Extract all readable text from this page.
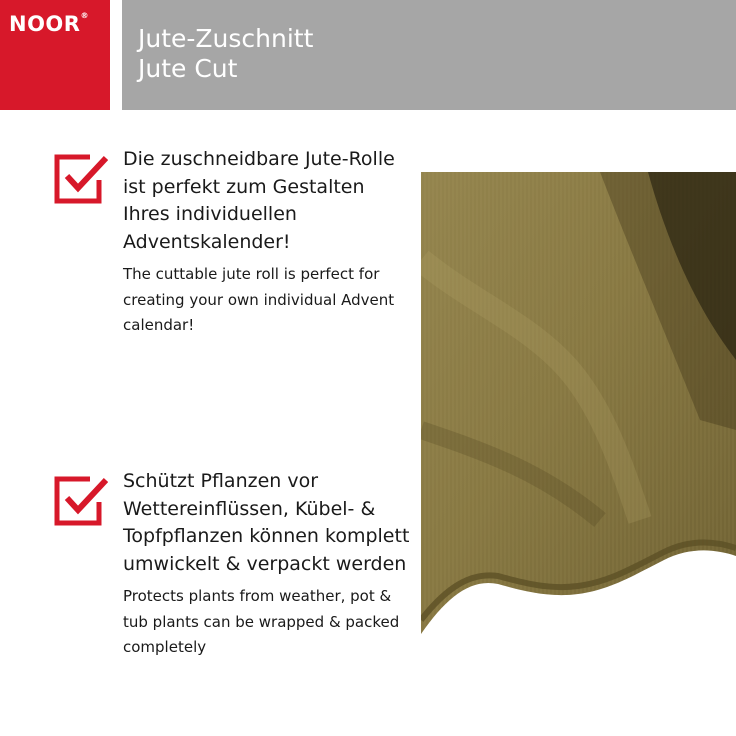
NOOR®
Jute-Zuschnitt
Jute Cut
Die zuschneidbare Jute-Rolle ist perfekt zum Gestalten Ihres individuellen Adventskalender!
The cuttable jute roll is perfect for creating your own individual Advent calendar!
Schützt Pflanzen vor Wettereinflüssen, Kübel- & Topfpflanzen können komplett umwickelt & verpackt werden
Protects plants from weather, pot & tub plants can be wrapped & packed completely
